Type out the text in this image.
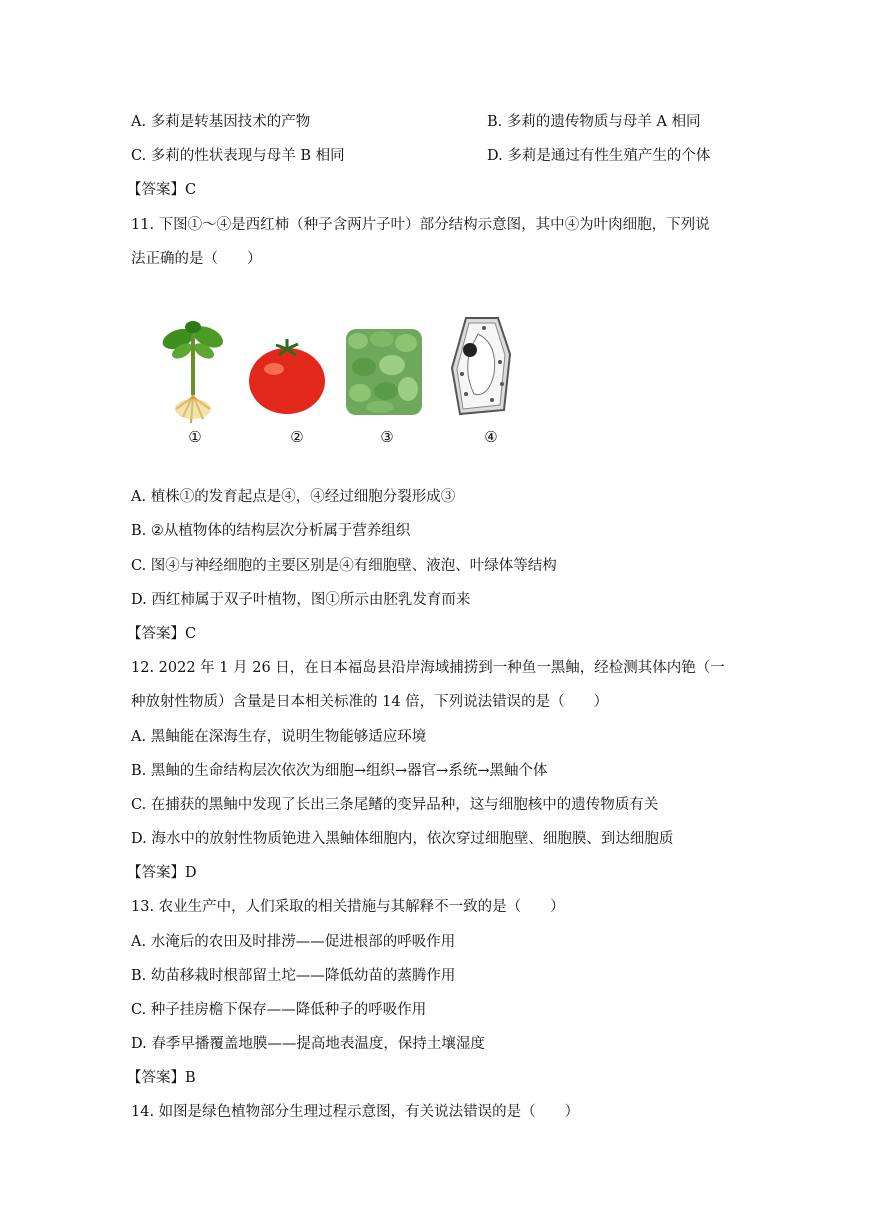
A. 多莉是转基因技术的产物	B. 多莉的遗传物质与母羊 A 相同
C. 多莉的性状表现与母羊 B 相同	D. 多莉是通过有性生殖产生的个体
【答案】C
11. 下图①～④是西红柿（种子含两片子叶）部分结构示意图，其中④为叶肉细胞，下列说
法正确的是（　　）
①	②	③	④
A. 植株①的发育起点是④，④经过细胞分裂形成③
B. ②从植物体的结构层次分析属于营养组织
C. 图④与神经细胞的主要区别是④有细胞壁、液泡、叶绿体等结构
D. 西红柿属于双子叶植物，图①所示由胚乳发育而来
【答案】C
12. 2022 年 1 月 26 日，在日本福岛县沿岸海域捕捞到一种鱼一黑鲉，经检测其体内铯（一
种放射性物质）含量是日本相关标准的 14 倍，下列说法错误的是（　　）
A. 黑鲉能在深海生存，说明生物能够适应环境
B. 黑鲉的生命结构层次依次为细胞→组织→器官→系统→黑鲉个体
C. 在捕获的黑鲉中发现了长出三条尾鳍的变异品种，这与细胞核中的遗传物质有关
D. 海水中的放射性物质铯进入黑鲉体细胞内，依次穿过细胞壁、细胞膜、到达细胞质
【答案】D
13. 农业生产中，人们采取的相关措施与其解释不一致的是（　　）
A. 水淹后的农田及时排涝——促进根部的呼吸作用
B. 幼苗移栽时根部留土坨——降低幼苗的蒸腾作用
C. 种子挂房檐下保存——降低种子的呼吸作用
D. 春季早播覆盖地膜——提高地表温度，保持土壤湿度
【答案】B
14. 如图是绿色植物部分生理过程示意图，有关说法错误的是（　　）
